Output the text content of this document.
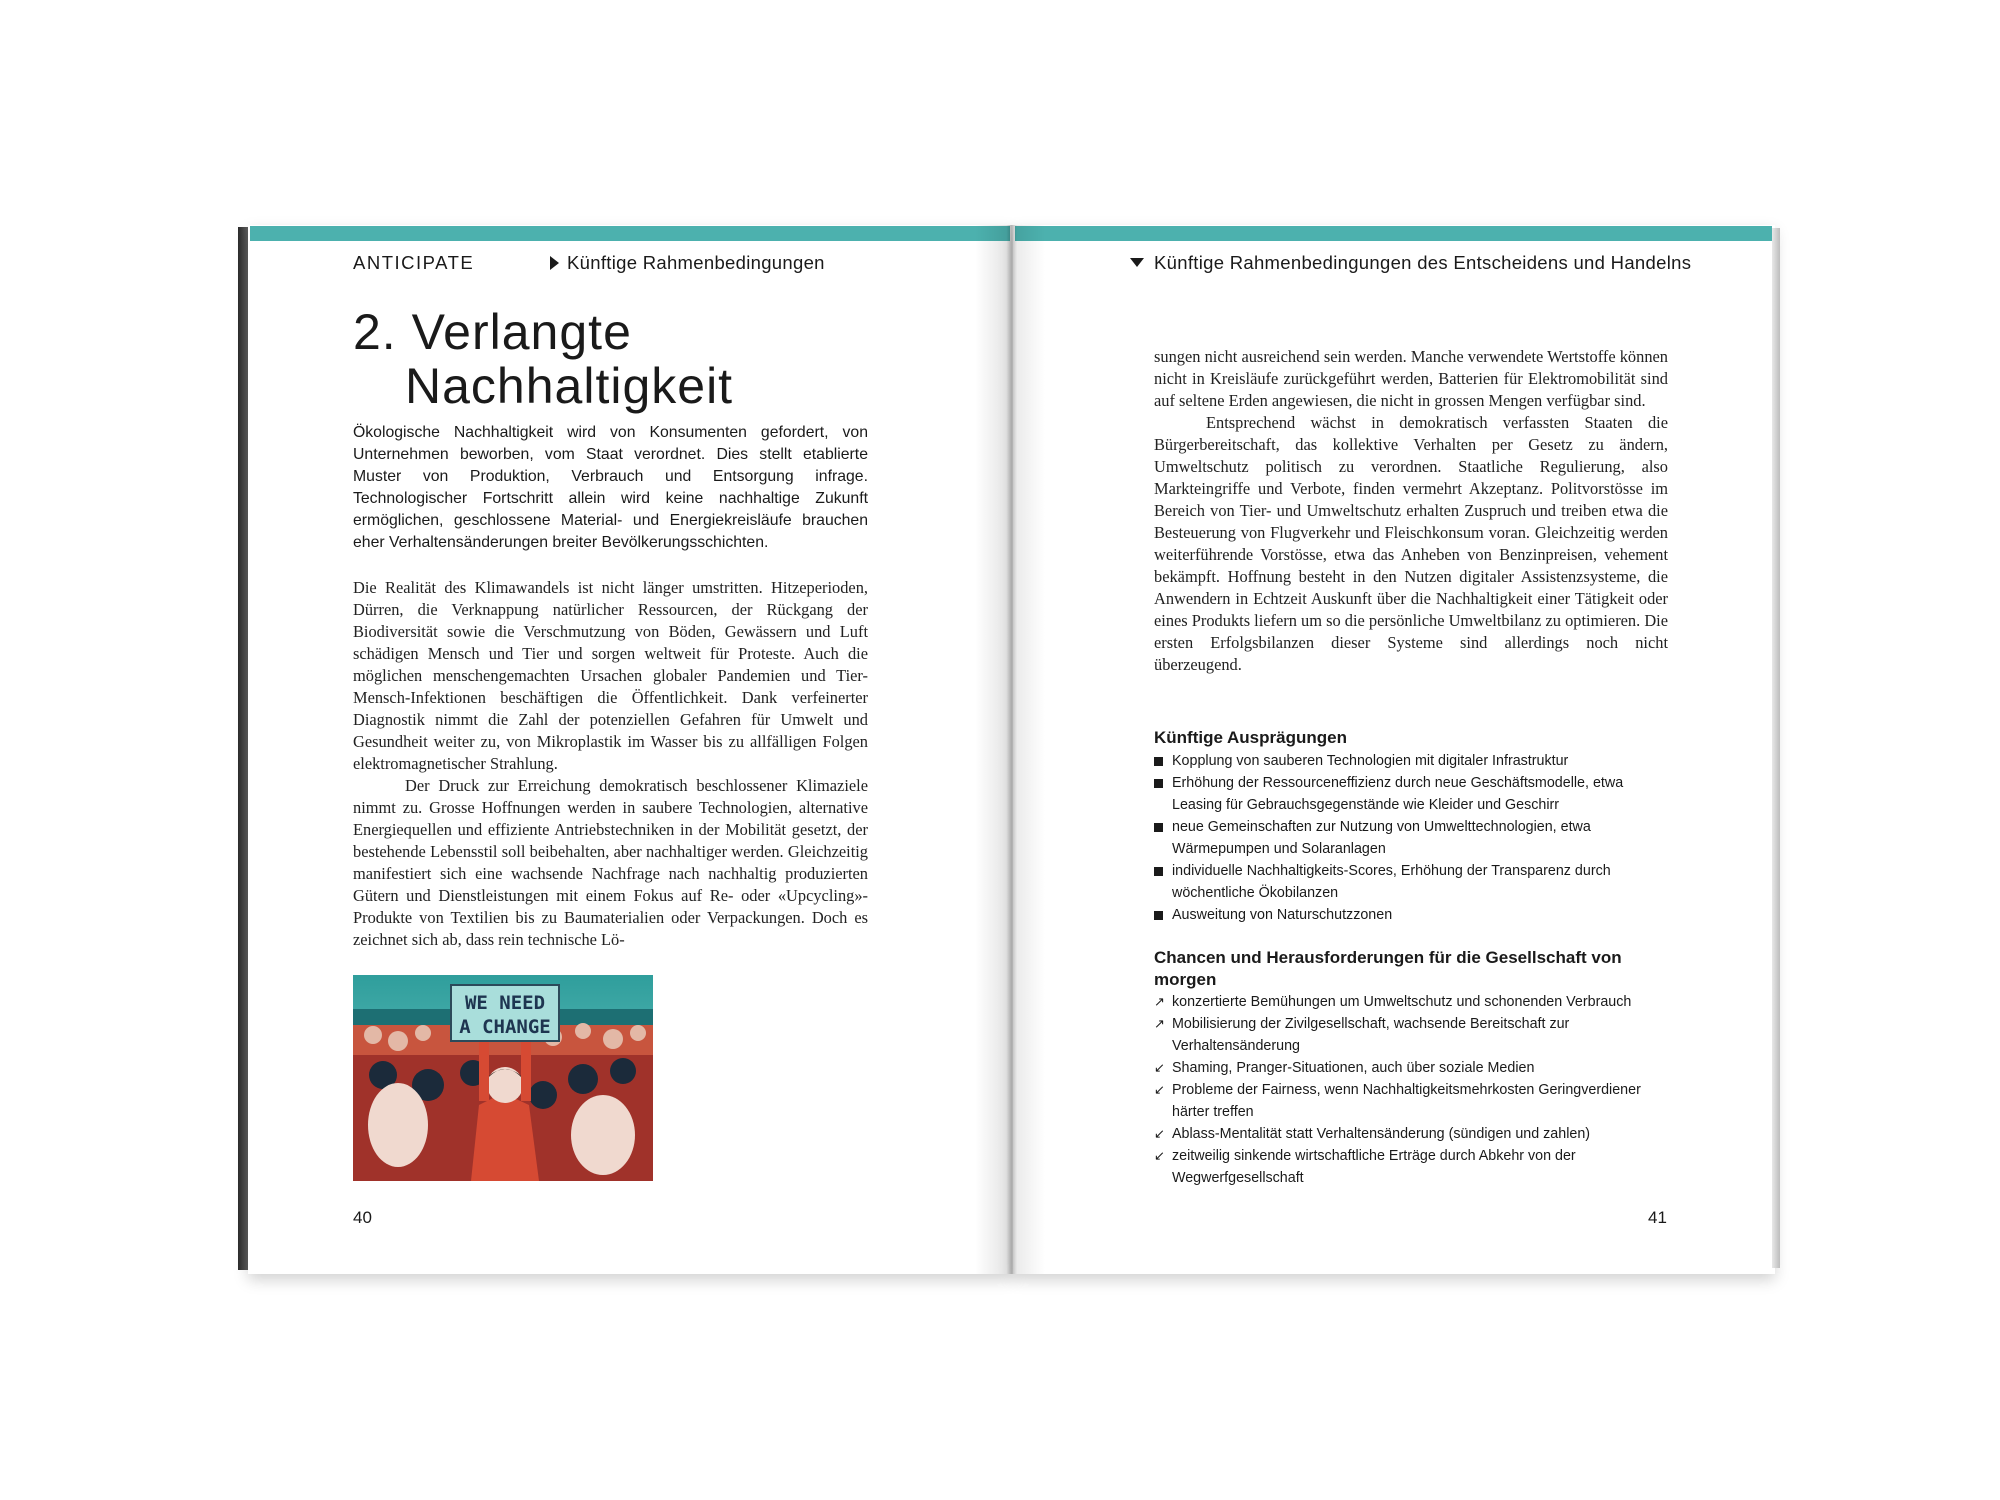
ANTICIPATE	Künftige Rahmenbedingungen	Künftige Rahmenbedingungen des Entscheidens und Handelns
2. Verlangte
Nachhaltigkeit

Ökologische Nachhaltigkeit wird von Konsumenten gefordert, von Unternehmen beworben, vom Staat verordnet. Dies stellt etablierte Muster von Produktion, Verbrauch und Entsorgung infrage. Technologischer Fortschritt allein wird keine nachhaltige Zukunft ermöglichen, geschlossene Material- und Energiekreisläufe brauchen eher Verhaltensänderungen breiter Bevölkerungsschichten.

Die Realität des Klimawandels ist nicht länger umstritten. Hitzeperioden, Dürren, die Verknappung natürlicher Ressourcen, der Rückgang der Biodiversität sowie die Verschmutzung von Böden, Gewässern und Luft schädigen Mensch und Tier und sorgen weltweit für Proteste. Auch die möglichen menschengemachten Ursachen globaler Pandemien und Tier-Mensch-Infektionen beschäftigen die Öffentlichkeit. Dank verfeinerter Diagnostik nimmt die Zahl der potenziellen Gefahren für Umwelt und Gesundheit weiter zu, von Mikroplastik im Wasser bis zu allfälligen Folgen elektromagnetischer Strahlung.

Der Druck zur Erreichung demokratisch beschlossener Klimaziele nimmt zu. Grosse Hoffnungen werden in saubere Technologien, alternative Energiequellen und effiziente Antriebstechniken in der Mobilität gesetzt, der bestehende Lebensstil soll beibehalten, aber nachhaltiger werden. Gleichzeitig manifestiert sich eine wachsende Nachfrage nach nachhaltig produzierten Gütern und Dienstleistungen mit einem Fokus auf Re- oder «Upcycling»-Produkte von Textilien bis zu Baumaterialien oder Verpackungen. Doch es zeichnet sich ab, dass rein technische Lö-

WE NEED
A CHANGE
40

sungen nicht ausreichend sein werden. Manche verwendete Wertstoffe können nicht in Kreisläufe zurückgeführt werden, Batterien für Elektromobilität sind auf seltene Erden angewiesen, die nicht in grossen Mengen verfügbar sind.

Entsprechend wächst in demokratisch verfassten Staaten die Bürgerbereitschaft, das kollektive Verhalten per Gesetz zu ändern, Umweltschutz politisch zu verordnen. Staatliche Regulierung, also Markteingriffe und Verbote, finden vermehrt Akzeptanz. Politvorstösse im Bereich von Tier- und Umweltschutz erhalten Zuspruch und treiben etwa die Besteuerung von Flugverkehr und Fleischkonsum voran. Gleichzeitig werden weiterführende Vorstösse, etwa das Anheben von Benzinpreisen, vehement bekämpft. Hoffnung besteht in den Nutzen digitaler Assistenzsysteme, die Anwendern in Echtzeit Auskunft über die Nachhaltigkeit einer Tätigkeit oder eines Produkts liefern um so die persönliche Umweltbilanz zu optimieren. Die ersten Erfolgsbilanzen dieser Systeme sind allerdings noch nicht überzeugend.

Künftige Ausprägungen
Kopplung von sauberen Technologien mit digitaler Infrastruktur
Erhöhung der Ressourceneffizienz durch neue Geschäftsmodelle, etwa Leasing für Gebrauchsgegenstände wie Kleider und Geschirr
neue Gemeinschaften zur Nutzung von Umwelttechnologien, etwa Wärmepumpen und Solaranlagen
individuelle Nachhaltigkeits-Scores, Erhöhung der Transparenz durch wöchentliche Ökobilanzen
Ausweitung von Naturschutzzonen
Chancen und Herausforderungen für die Gesellschaft von morgen
↗ konzertierte Bemühungen um Umweltschutz und schonenden Verbrauch
↗ Mobilisierung der Zivilgesellschaft, wachsende Bereitschaft zur Verhaltensänderung
↙ Shaming, Pranger-Situationen, auch über soziale Medien
↙ Probleme der Fairness, wenn Nachhaltigkeitsmehrkosten Geringverdiener härter treffen
↙ Ablass-Mentalität statt Verhaltensänderung (sündigen und zahlen)
↙ zeitweilig sinkende wirtschaftliche Erträge durch Abkehr von der Wegwerfgesellschaft
41
